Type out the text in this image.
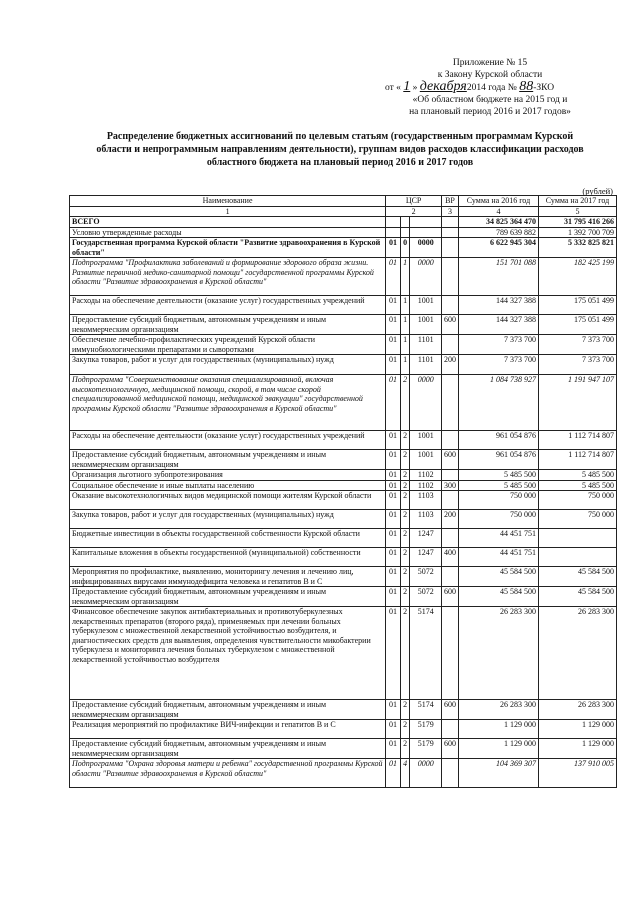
Приложение № 15
к Закону Курской области
от « 1 » декабря2014 года № 88-ЗКО
«Об областном бюджете на 2015 год и
на плановый период 2016 и 2017 годов»
Распределение бюджетных ассигнований по целевым статьям (государственным программам Курской области и непрограммным направлениям деятельности), группам видов расходов классификации расходов областного бюджета на плановый период 2016 и 2017 годов
(рублей)
Наименование	ЦСР			ВР	Сумма на 2016 год	Сумма на 2017 год
1	2			3	4	5
ВСЕГО					34 825 364 470	31 795 416 266
Условно утвержденные расходы					789 639 882	1 392 700 709
Государственная программа Курской области "Развитие здравоохранения в Курской области"	01	0	0000		6 622 945 304	5 332 825 821
Подпрограмма "Профилактика заболеваний и формирование здорового образа жизни. Развитие первичной медико-санитарной помощи" государственной программы Курской области "Развитие здравоохранения в Курской области"	01	1	0000		151 701 088	182 425 199
Расходы на обеспечение деятельности (оказание услуг) государственных учреждений	01	1	1001		144 327 388	175 051 499
Предоставление субсидий бюджетным, автономным учреждениям и иным некоммерческим организациям	01	1	1001	600	144 327 388	175 051 499
Обеспечение лечебно-профилактических учреждений Курской области иммунобиологическими препаратами и сыворотками	01	1	1101		7 373 700	7 373 700
Закупка товаров, работ и услуг для государственных (муниципальных) нужд	01	1	1101	200	7 373 700	7 373 700
Подпрограмма "Совершенствование оказания специализированной, включая высокотехнологичную, медицинской помощи, скорой, в том числе скорой специализированной медицинской помощи, медицинской эвакуации" государственной программы Курской области "Развитие здравоохранения в Курской области"	01	2	0000		1 084 738 927	1 191 947 107
Расходы на обеспечение деятельности (оказание услуг) государственных учреждений	01	2	1001		961 054 876	1 112 714 807
Предоставление субсидий бюджетным, автономным учреждениям и иным некоммерческим организациям	01	2	1001	600	961 054 876	1 112 714 807
Организация льготного зубопротезирования	01	2	1102		5 485 500	5 485 500
Социальное обеспечение и иные выплаты населению	01	2	1102	300	5 485 500	5 485 500
Оказание высокотехнологичных видов медицинской помощи жителям Курской области	01	2	1103		750 000	750 000
Закупка товаров, работ и услуг для государственных (муниципальных) нужд	01	2	1103	200	750 000	750 000
Бюджетные инвестиции в объекты государственной собственности Курской области	01	2	1247		44 451 751	
Капитальные вложения в объекты государственной (муниципальной) собственности	01	2	1247	400	44 451 751	
Мероприятия по профилактике, выявлению, мониторингу лечения и лечению лиц, инфицированных вирусами иммунодефицита человека и гепатитов В и С	01	2	5072		45 584 500	45 584 500
Предоставление субсидий бюджетным, автономным учреждениям и иным некоммерческим организациям	01	2	5072	600	45 584 500	45 584 500
Финансовое обеспечение закупок антибактериальных и противотуберкулезных лекарственных препаратов (второго ряда), применяемых при лечении больных туберкулезом с множественной лекарственной устойчивостью возбудителя, и диагностических средств для выявления, определения чувствительности микобактерии туберкулеза и мониторинга лечения больных туберкулезом с множественной лекарственной устойчивостью возбудителя	01	2	5174		26 283 300	26 283 300
Предоставление субсидий бюджетным, автономным учреждениям и иным некоммерческим организациям	01	2	5174	600	26 283 300	26 283 300
Реализация мероприятий по профилактике ВИЧ-инфекции и гепатитов В и С	01	2	5179		1 129 000	1 129 000
Предоставление субсидий бюджетным, автономным учреждениям и иным некоммерческим организациям	01	2	5179	600	1 129 000	1 129 000
Подпрограмма "Охрана здоровья матери и ребенка" государственной программы Курской области "Развитие здравоохранения в Курской области"	01	4	0000		104 369 307	137 910 005
